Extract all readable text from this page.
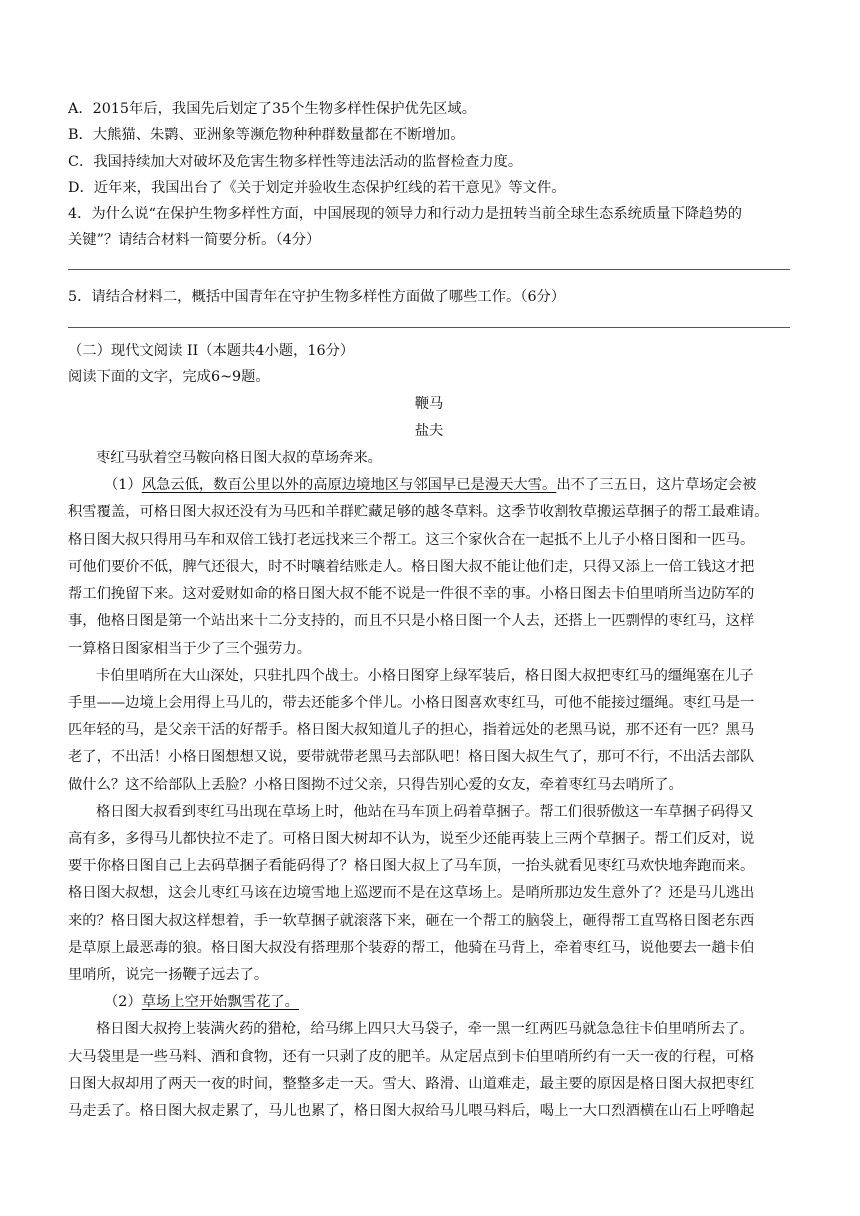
A．2015年后，我国先后划定了35个生物多样性保护优先区域。
B．大熊猫、朱鹮、亚洲象等濒危物种种群数量都在不断增加。
C．我国持续加大对破坏及危害生物多样性等违法活动的监督检查力度。
D．近年来，我国出台了《关于划定并验收生态保护红线的若干意见》等文件。
4．为什么说“在保护生物多样性方面，中国展现的领导力和行动力是扭转当前全球生态系统质量下降趋势的
关键”？请结合材料一简要分析。（4分）
5．请结合材料二，概括中国青年在守护生物多样性方面做了哪些工作。（6分）
（二）现代文阅读 II（本题共4小题，16分）
阅读下面的文字，完成6~9题。
鞭马
盐夫
枣红马驮着空马鞍向格日图大叔的草场奔来。
（1）风急云低，数百公里以外的高原边境地区与邻国早已是漫天大雪。出不了三五日，这片草场定会被
积雪覆盖，可格日图大叔还没有为马匹和羊群贮藏足够的越冬草料。这季节收割牧草搬运草捆子的帮工最难请。
格日图大叔只得用马车和双倍工钱打老远找来三个帮工。这三个家伙合在一起抵不上儿子小格日图和一匹马。
可他们要价不低，脾气还很大，时不时嚷着结账走人。格日图大叔不能让他们走，只得又添上一倍工钱这才把
帮工们挽留下来。这对爱财如命的格日图大叔不能不说是一件很不幸的事。小格日图去卡伯里哨所当边防军的
事，他格日图是第一个站出来十二分支持的，而且不只是小格日图一个人去，还搭上一匹剽悍的枣红马，这样
一算格日图家相当于少了三个强劳力。
卡伯里哨所在大山深处，只驻扎四个战士。小格日图穿上绿军装后，格日图大叔把枣红马的缰绳塞在儿子
手里——边境上会用得上马儿的，带去还能多个伴儿。小格日图喜欢枣红马，可他不能接过缰绳。枣红马是一
匹年轻的马，是父亲干活的好帮手。格日图大叔知道儿子的担心，指着远处的老黑马说，那不还有一匹？黑马
老了，不出活！小格日图想想又说，要带就带老黑马去部队吧！格日图大叔生气了，那可不行，不出活去部队
做什么？这不给部队上丢脸？小格日图拗不过父亲，只得告别心爱的女友，牵着枣红马去哨所了。
格日图大叔看到枣红马出现在草场上时，他站在马车顶上码着草捆子。帮工们很骄傲这一车草捆子码得又
高有多，多得马儿都快拉不走了。可格日图大树却不认为，说至少还能再装上三两个草捆子。帮工们反对，说
要干你格日图自己上去码草捆子看能码得了？格日图大叔上了马车顶，一抬头就看见枣红马欢快地奔跑而来。
格日图大叔想，这会儿枣红马该在边境雪地上巡逻而不是在这草场上。是哨所那边发生意外了？还是马儿逃出
来的？格日图大叔这样想着，手一软草捆子就滚落下来，砸在一个帮工的脑袋上，砸得帮工直骂格日图老东西
是草原上最恶毒的狼。格日图大叔没有搭理那个装孬的帮工，他骑在马背上，牵着枣红马，说他要去一趟卡伯
里哨所，说完一扬鞭子远去了。
（2）草场上空开始飘雪花了。
格日图大叔挎上装满火药的猎枪，给马绑上四只大马袋子，牵一黑一红两匹马就急急往卡伯里哨所去了。
大马袋里是一些马料、酒和食物，还有一只剥了皮的肥羊。从定居点到卡伯里哨所约有一天一夜的行程，可格
日图大叔却用了两天一夜的时间，整整多走一天。雪大、路滑、山道难走，最主要的原因是格日图大叔把枣红
马走丢了。格日图大叔走累了，马儿也累了，格日图大叔给马儿喂马料后，喝上一大口烈酒横在山石上呼噜起
